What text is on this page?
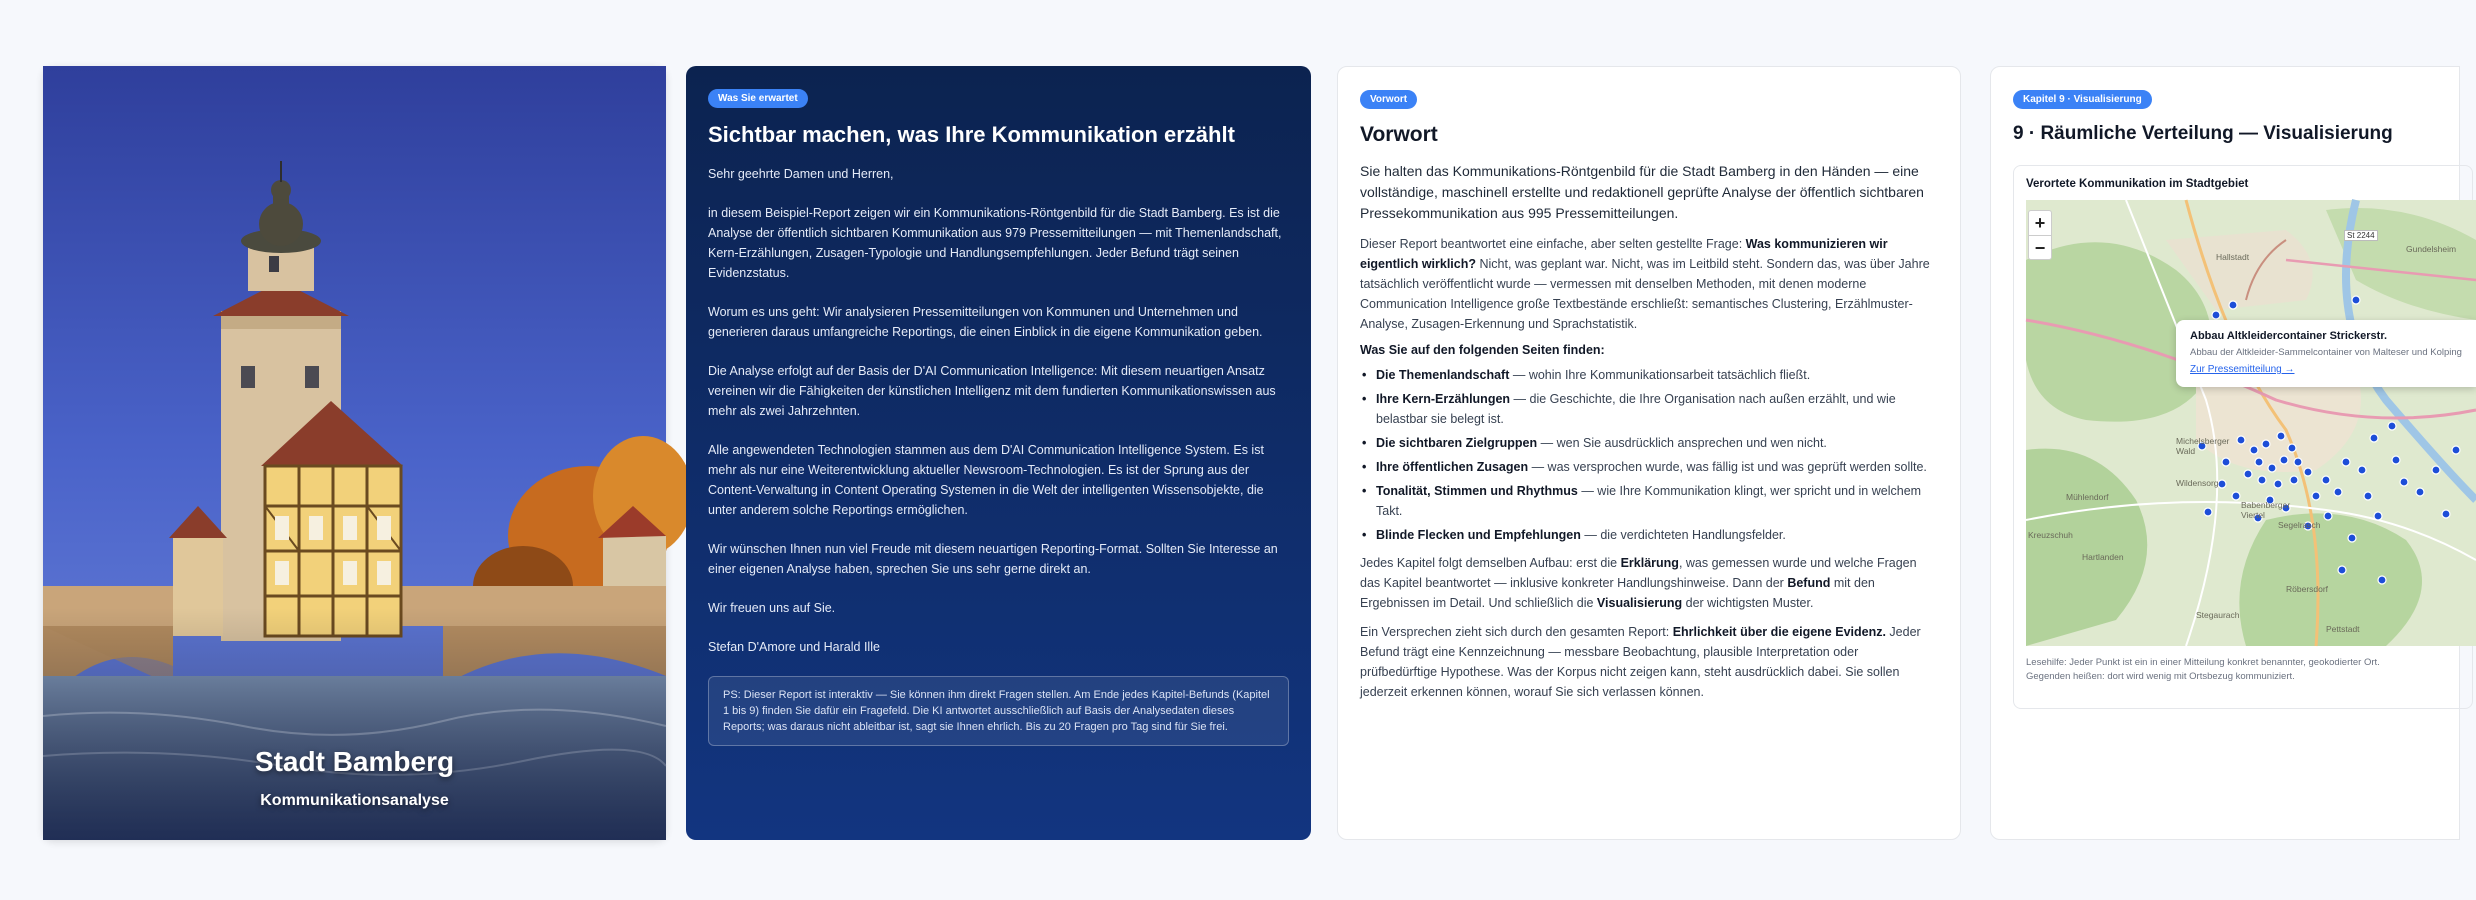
Stadt Bamberg
Kommunikationsanalyse
Was Sie erwartet
Sichtbar machen, was Ihre Kommunikation erzählt

Sehr geehrte Damen und Herren,

in diesem Beispiel-Report zeigen wir ein Kommunikations-Röntgenbild für die Stadt Bamberg. Es ist die Analyse der öffentlich sichtbaren Kommunikation aus 979 Pressemitteilungen — mit Themenlandschaft, Kern-Erzählungen, Zusagen-Typologie und Handlungsempfehlungen. Jeder Befund trägt seinen Evidenzstatus.

Worum es uns geht: Wir analysieren Pressemitteilungen von Kommunen und Unternehmen und generieren daraus umfangreiche Reportings, die einen Einblick in die eigene Kommunikation geben.

Die Analyse erfolgt auf der Basis der D'AI Communication Intelligence: Mit diesem neuartigen Ansatz vereinen wir die Fähigkeiten der künstlichen Intelligenz mit dem fundierten Kommunikationswissen aus mehr als zwei Jahrzehnten.

Alle angewendeten Technologien stammen aus dem D'AI Communication Intelligence System. Es ist mehr als nur eine Weiterentwicklung aktueller Newsroom-Technologien. Es ist der Sprung aus der Content-Verwaltung in Content Operating Systemen in die Welt der intelligenten Wissensobjekte, die unter anderem solche Reportings ermöglichen.

Wir wünschen Ihnen nun viel Freude mit diesem neuartigen Reporting-Format. Sollten Sie Interesse an einer eigenen Analyse haben, sprechen Sie uns sehr gerne direkt an.

Wir freuen uns auf Sie.

Stefan D'Amore und Harald Ille

PS: Dieser Report ist interaktiv — Sie können ihm direkt Fragen stellen. Am Ende jedes Kapitel-Befunds (Kapitel 1 bis 9) finden Sie dafür ein Fragefeld. Die KI antwortet ausschließlich auf Basis der Analysedaten dieses Reports; was daraus nicht ableitbar ist, sagt sie Ihnen ehrlich. Bis zu 20 Fragen pro Tag sind für Sie frei.
Vorwort
Vorwort
Sie halten das Kommunikations-Röntgenbild für die Stadt Bamberg in den Händen — eine vollständige, maschinell erstellte und redaktionell geprüfte Analyse der öffentlich sichtbaren Pressekommunikation aus 995 Pressemitteilungen.
Dieser Report beantwortet eine einfache, aber selten gestellte Frage: Was kommunizieren wir eigentlich wirklich? Nicht, was geplant war. Nicht, was im Leitbild steht. Sondern das, was über Jahre tatsächlich veröffentlicht wurde — vermessen mit denselben Methoden, mit denen moderne Communication Intelligence große Textbestände erschließt: semantisches Clustering, Erzählmuster-Analyse, Zusagen-Erkennung und Sprachstatistik.
Was Sie auf den folgenden Seiten finden:
• Die Themenlandschaft — wohin Ihre Kommunikationsarbeit tatsächlich fließt.
• Ihre Kern-Erzählungen — die Geschichte, die Ihre Organisation nach außen erzählt, und wie belastbar sie belegt ist.
• Die sichtbaren Zielgruppen — wen Sie ausdrücklich ansprechen und wen nicht.
• Ihre öffentlichen Zusagen — was versprochen wurde, was fällig ist und was geprüft werden sollte.
• Tonalität, Stimmen und Rhythmus — wie Ihre Kommunikation klingt, wer spricht und in welchem Takt.
• Blinde Flecken und Empfehlungen — die verdichteten Handlungsfelder.
Jedes Kapitel folgt demselben Aufbau: erst die Erklärung, was gemessen wurde und welche Fragen das Kapitel beantwortet — inklusive konkreter Handlungshinweise. Dann der Befund mit den Ergebnissen im Detail. Und schließlich die Visualisierung der wichtigsten Muster.
Ein Versprechen zieht sich durch den gesamten Report: Ehrlichkeit über die eigene Evidenz. Jeder Befund trägt eine Kennzeichnung — messbare Beobachtung, plausible Interpretation oder prüfbedürftige Hypothese. Was der Korpus nicht zeigen kann, steht ausdrücklich dabei. Sie sollen jederzeit erkennen können, worauf Sie sich verlassen können.
Kapitel 9 · Visualisierung
9 · Räumliche Verteilung — Visualisierung
Verortete Kommunikation im Stadtgebiet
+
−
St 2244
Hallstadt
Gundelsheim
Michelsberger Wald
Wildensorg
Mühlendorf
Babenberger Viertel
Kreuzschuh
Hartlanden
Segelrasch
Röbersdorf
Pettstadt
Stegaurach
Abbau Altkleidercontainer Strickerstr.
Abbau der Altkleider-Sammelcontainer von Malteser und Kolping
Zur Pressemitteilung →
Lesehilfe: Jeder Punkt ist ein in einer Mitteilung konkret benannter, geokodierter Ort.
Gegenden heißen: dort wird wenig mit Ortsbezug kommuniziert.
